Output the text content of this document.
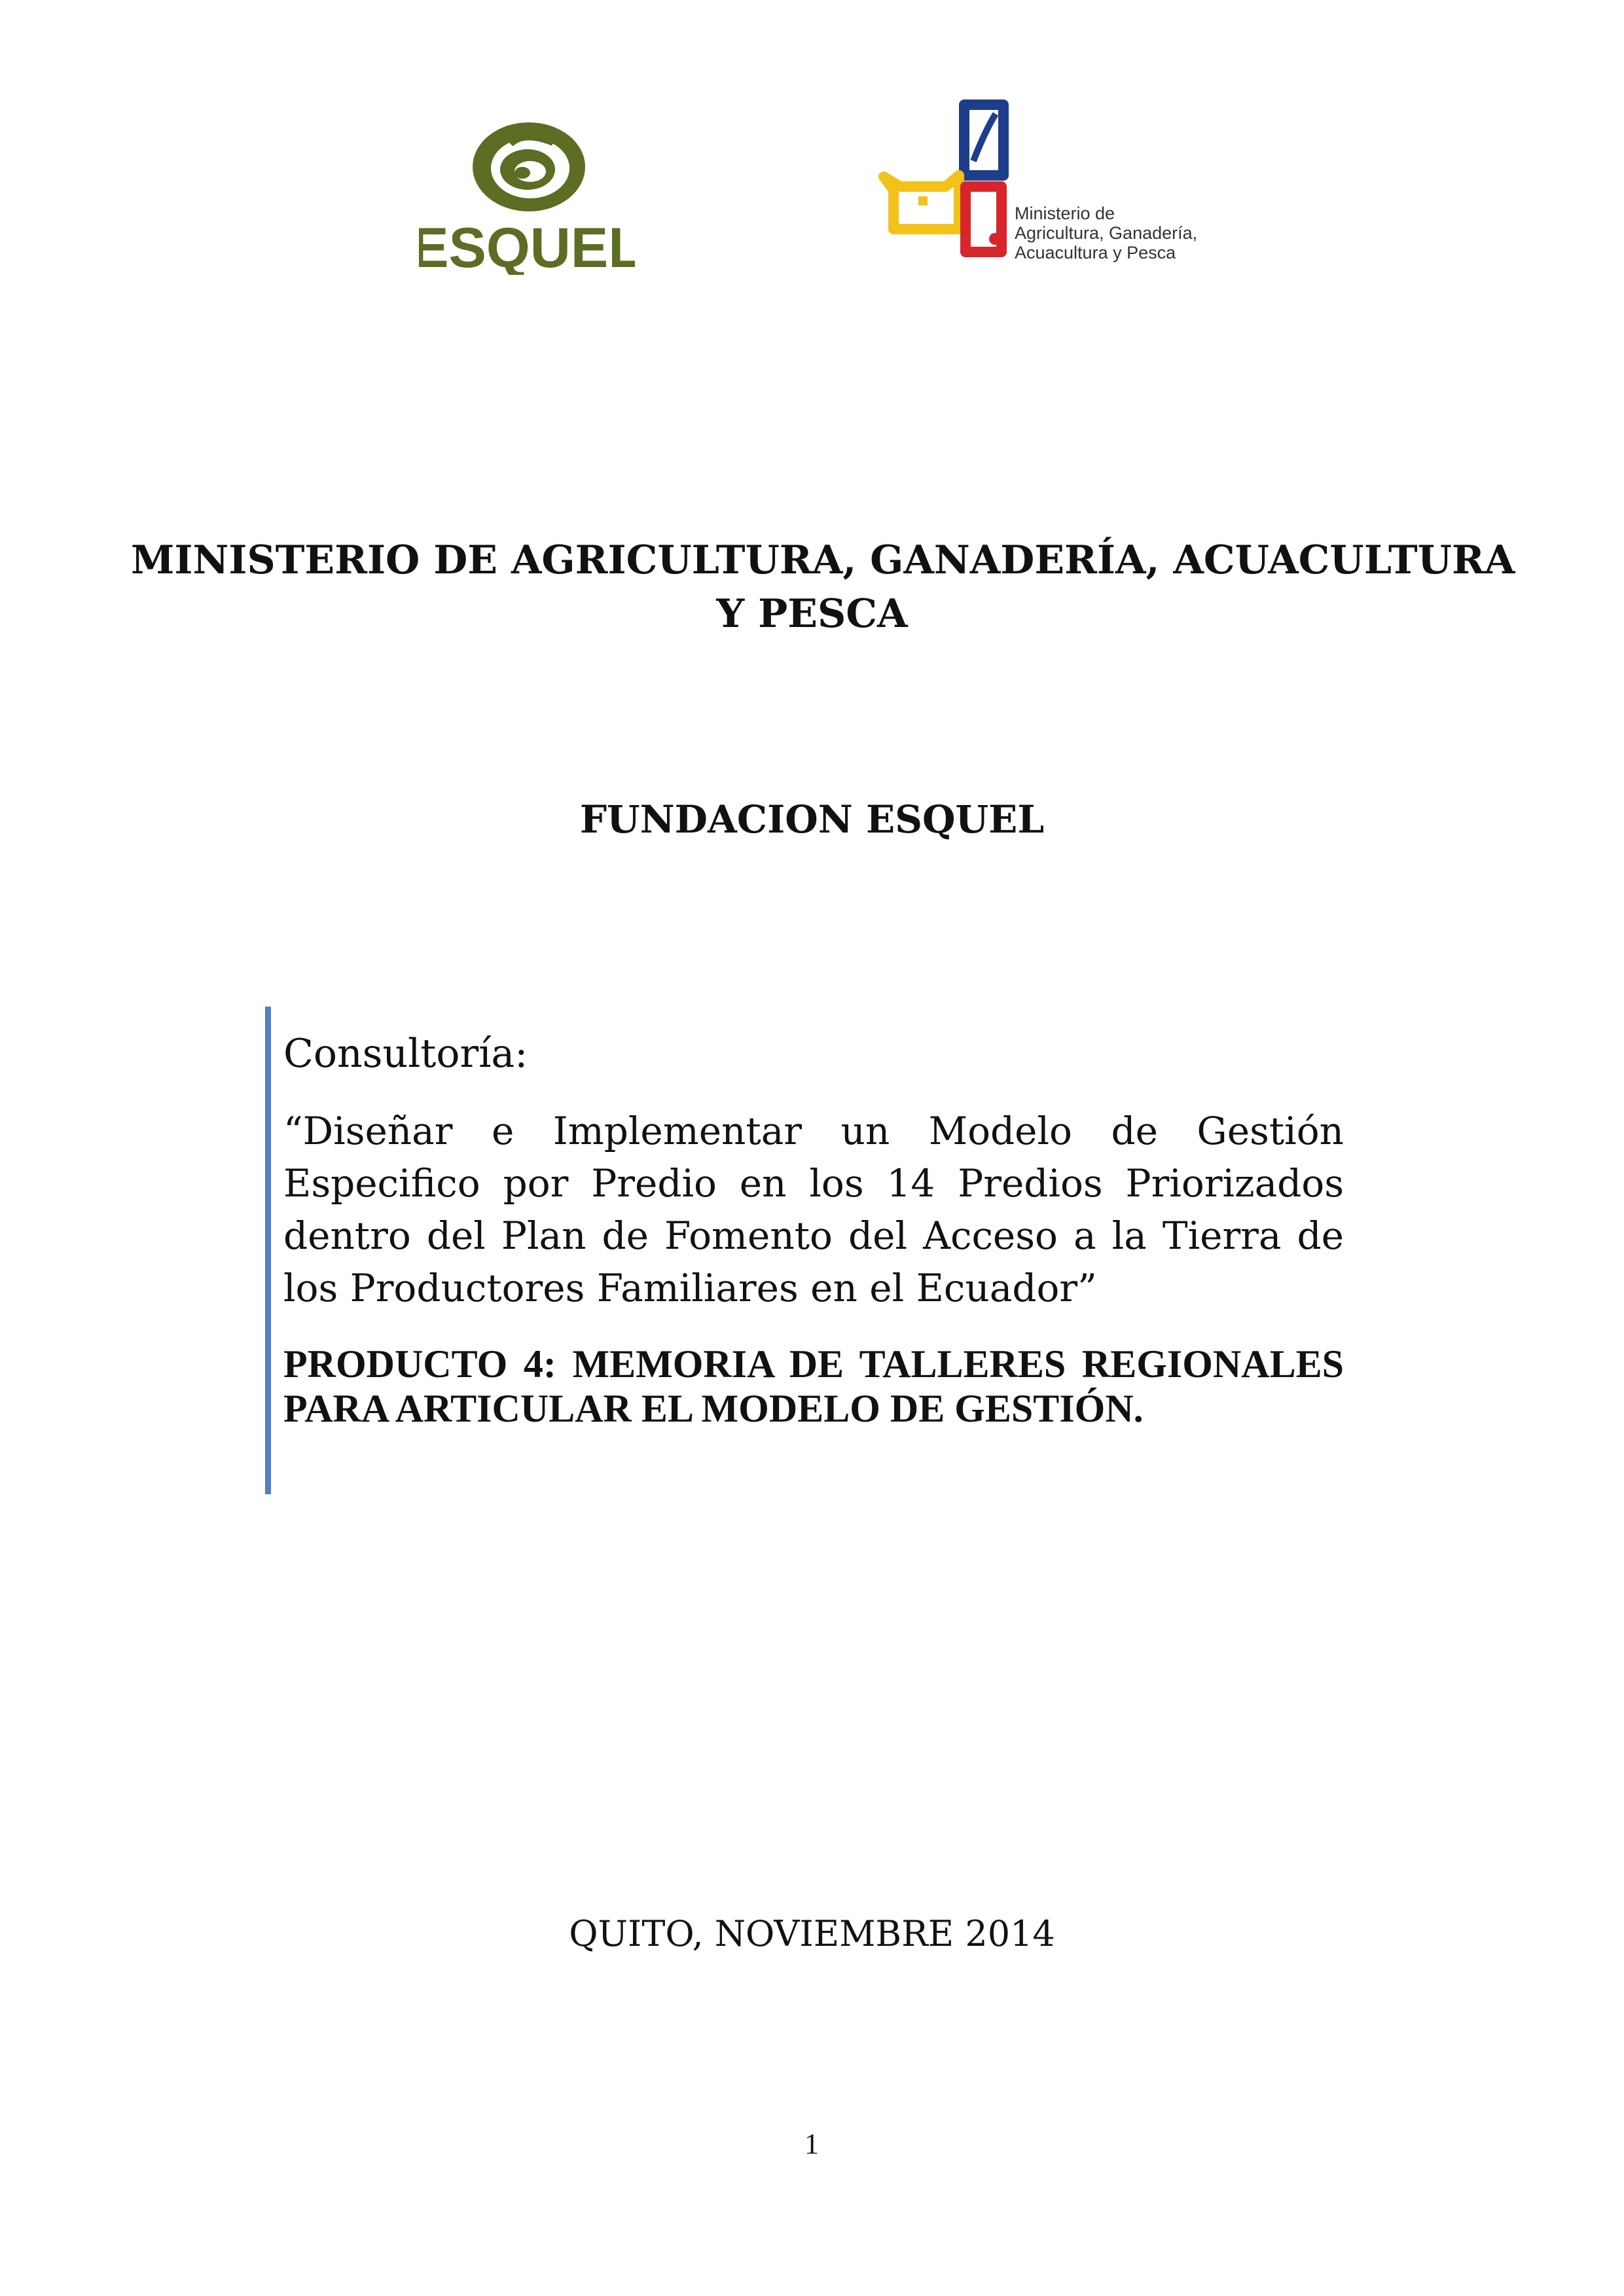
ESQUEL
Ministerio de
Agricultura, Ganadería,
Acuacultura y Pesca
MINISTERIO DE AGRICULTURA, GANADERÍA, ACUACULTURA
Y PESCA
FUNDACION ESQUEL

Consultoría:

“Diseñar e Implementar un Modelo de Gestión Especifico por Predio en los 14 Predios Priorizados dentro del Plan de Fomento del Acceso a la Tierra de los Productores Familiares en el Ecuador”

PRODUCTO 4: MEMORIA DE TALLERES REGIONALES PARA ARTICULAR EL MODELO DE GESTIÓN.
QUITO, NOVIEMBRE 2014
1
